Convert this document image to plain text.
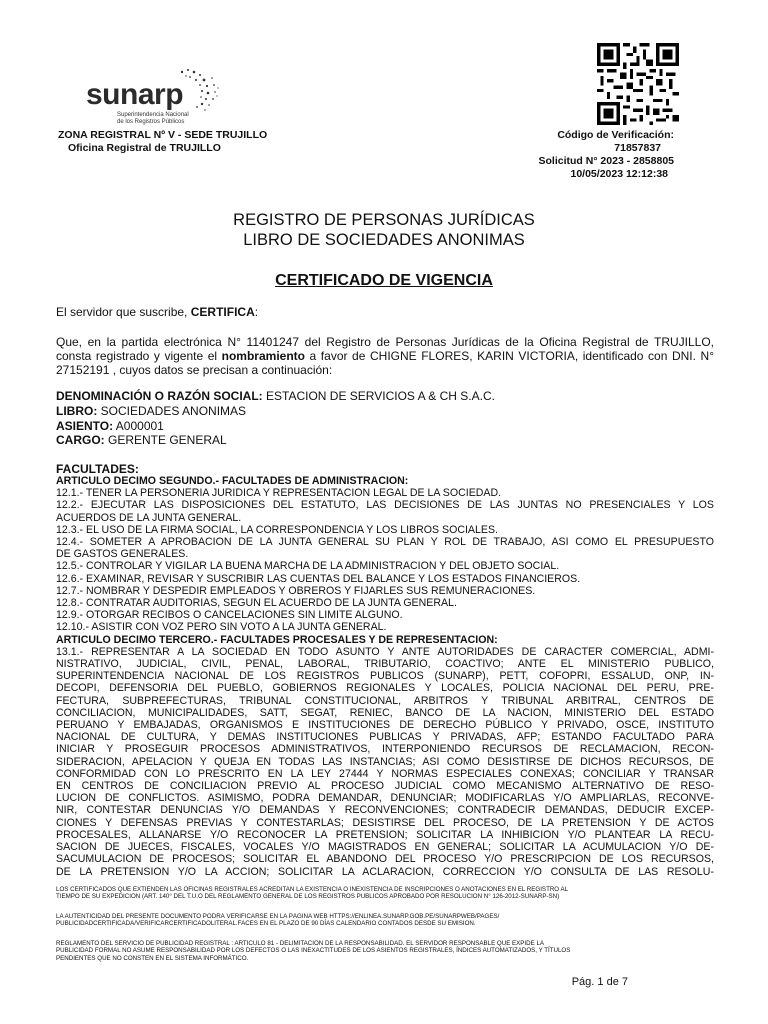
sunarp
Superintendencia Nacional
de los Registros Públicos
ZONA REGISTRAL Nº V - SEDE TRUJILLO
Oficina Registral de TRUJILLO
Código de Verificación:
71857837
Solicitud N° 2023 - 2858805
10/05/2023 12:12:38
REGISTRO DE PERSONAS JURÍDICAS
LIBRO DE SOCIEDADES ANONIMAS
CERTIFICADO DE VIGENCIA
El servidor que suscribe, CERTIFICA:
Que, en la partida electrónica N° 11401247 del Registro de Personas Jurídicas de la Oficina Registral de TRUJILLO, consta registrado y vigente el nombramiento a favor de CHIGNE FLORES, KARIN VICTORIA, identificado con DNI. N° 27152191 , cuyos datos se precisan a continuación:
DENOMINACIÓN O RAZÓN SOCIAL: ESTACION DE SERVICIOS A & CH S.A.C.
LIBRO: SOCIEDADES ANONIMAS
ASIENTO: A000001
CARGO: GERENTE GENERAL
FACULTADES:
ARTICULO DECIMO SEGUNDO.- FACULTADES DE ADMINISTRACION:
12.1.- TENER LA PERSONERIA JURIDICA Y REPRESENTACION LEGAL DE LA SOCIEDAD.
12.2.- EJECUTAR LAS DISPOSICIONES DEL ESTATUTO, LAS DECISIONES DE LAS JUNTAS NO PRESENCIALES Y LOS
ACUERDOS DE LA JUNTA GENERAL.
12.3.- EL USO DE LA FIRMA SOCIAL, LA CORRESPONDENCIA Y LOS LIBROS SOCIALES.
12.4.- SOMETER A APROBACION DE LA JUNTA GENERAL SU PLAN Y ROL DE TRABAJO, ASI COMO EL PRESUPUESTO
DE GASTOS GENERALES.
12.5.- CONTROLAR Y VIGILAR LA BUENA MARCHA DE LA ADMINISTRACION Y DEL OBJETO SOCIAL.
12.6.- EXAMINAR, REVISAR Y SUSCRIBIR LAS CUENTAS DEL BALANCE Y LOS ESTADOS FINANCIEROS.
12.7.- NOMBRAR Y DESPEDIR EMPLEADOS Y OBREROS Y FIJARLES SUS REMUNERACIONES.
12.8.- CONTRATAR AUDITORIAS, SEGUN EL ACUERDO DE LA JUNTA GENERAL.
12.9.- OTORGAR RECIBOS O CANCELACIONES SIN LIMITE ALGUNO.
12.10.- ASISTIR CON VOZ PERO SIN VOTO A LA JUNTA GENERAL.
ARTICULO DECIMO TERCERO.- FACULTADES PROCESALES Y DE REPRESENTACION:
13.1.- REPRESENTAR A LA SOCIEDAD EN TODO ASUNTO Y ANTE AUTORIDADES DE CARACTER COMERCIAL, ADMI-
NISTRATIVO, JUDICIAL, CIVIL, PENAL, LABORAL, TRIBUTARIO, COACTIVO; ANTE EL MINISTERIO PUBLICO,
SUPERINTENDENCIA NACIONAL DE LOS REGISTROS PUBLICOS (SUNARP), PETT, COFOPRI, ESSALUD, ONP, IN-
DECOPI, DEFENSORIA DEL PUEBLO, GOBIERNOS REGIONALES Y LOCALES, POLICIA NACIONAL DEL PERU, PRE-
FECTURA, SUBPREFECTURAS, TRIBUNAL CONSTITUCIONAL, ARBITROS Y TRIBUNAL ARBITRAL, CENTROS DE
CONCILIACION, MUNICIPALIDADES, SATT, SEGAT, RENIEC, BANCO DE LA NACION, MINISTERIO DEL ESTADO
PERUANO Y EMBAJADAS, ORGANISMOS E INSTITUCIONES DE DERECHO PÚBLICO Y PRIVADO, OSCE, INSTITUTO
NACIONAL DE CULTURA, Y DEMAS INSTITUCIONES PUBLICAS Y PRIVADAS, AFP; ESTANDO FACULTADO PARA
INICIAR Y PROSEGUIR PROCESOS ADMINISTRATIVOS, INTERPONIENDO RECURSOS DE RECLAMACION, RECON-
SIDERACION, APELACION Y QUEJA EN TODAS LAS INSTANCIAS; ASI COMO DESISTIRSE DE DICHOS RECURSOS, DE
CONFORMIDAD CON LO PRESCRITO EN LA LEY 27444 Y NORMAS ESPECIALES CONEXAS; CONCILIAR Y TRANSAR
EN CENTROS DE CONCILIACION PREVIO AL PROCESO JUDICIAL COMO MECANISMO ALTERNATIVO DE RESO-
LUCION DE CONFLICTOS. ASIMISMO, PODRA DEMANDAR, DENUNCIAR; MODIFICARLAS Y/O AMPLIARLAS, RECONVE-
NIR, CONTESTAR DENUNCIAS Y/O DEMANDAS Y RECONVENCIONES; CONTRADECIR DEMANDAS, DEDUCIR EXCEP-
CIONES Y DEFENSAS PREVIAS Y CONTESTARLAS; DESISTIRSE DEL PROCESO, DE LA PRETENSION Y DE ACTOS
PROCESALES, ALLANARSE Y/O RECONOCER LA PRETENSION; SOLICITAR LA INHIBICION Y/O PLANTEAR LA RECU-
SACION DE JUECES, FISCALES, VOCALES Y/O MAGISTRADOS EN GENERAL; SOLICITAR LA ACUMULACION Y/O DE-
SACUMULACION DE PROCESOS; SOLICITAR EL ABANDONO DEL PROCESO Y/O PRESCRIPCION DE LOS RECURSOS,
DE LA PRETENSION Y/O LA ACCION; SOLICITAR LA ACLARACION, CORRECCION Y/O CONSULTA DE LAS RESOLU-
LOS CERTIFICADOS QUE EXTIENDEN LAS OFICINAS REGISTRALES ACREDITAN LA EXISTENCIA O INEXISTENCIA DE INSCRIPCIONES O ANOTACIONES EN EL REGISTRO AL
TIEMPO DE SU EXPEDICION (ART. 140° DEL T.U.O DEL REGLAMENTO GENERAL DE LOS REGISTROS PUBLICOS APROBADO POR RESOLUCION N° 126-2012-SUNARP-SN)
LA AUTENTICIDAD DEL PRESENTE DOCUMENTO PODRÁ VERIFICARSE EN LA PÁGINA WEB HTTPS://ENLINEA.SUNARP.GOB.PE/SUNARPWEB/PAGES/
PUBLICIDADCERTIFICADA/VERIFICARCERTIFICADOLITERAL.FACES EN EL PLAZO DE 90 DÍAS CALENDARIO CONTADOS DESDE SU EMISION.
REGLAMENTO DEL SERVICIO DE PUBLICIDAD REGISTRAL : ARTÍCULO 81 - DELIMITACIÓN DE LA RESPONSABILIDAD. EL SERVIDOR RESPONSABLE QUE EXPIDE LA
PUBLICIDAD FORMAL NO ASUME RESPONSABILIDAD POR LOS DEFECTOS O LAS INEXACTITUDES DE LOS ASIENTOS REGISTRALES, ÍNDICES AUTOMATIZADOS, Y TÍTULOS
PENDIENTES QUE NO CONSTEN EN EL SISTEMA INFORMÁTICO.
Pág. 1 de 7
